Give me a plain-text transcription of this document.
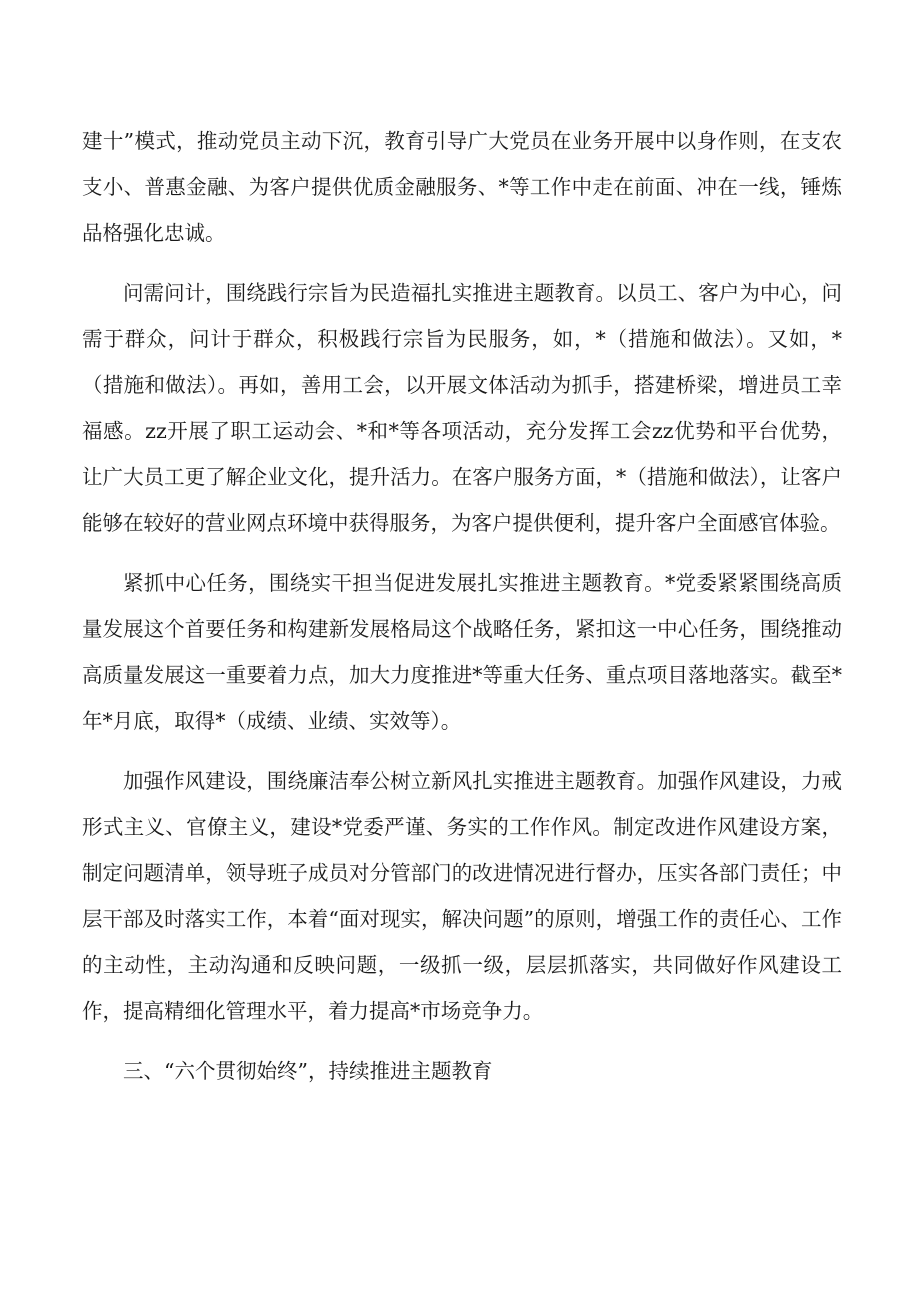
建十”模式，推动党员主动下沉，教育引导广大党员在业务开展中以身作则，在支农支小、普惠金融、为客户提供优质金融服务、*等工作中走在前面、冲在一线，锤炼品格强化忠诚。

问需问计，围绕践行宗旨为民造福扎实推进主题教育。以员工、客户为中心，问需于群众，问计于群众，积极践行宗旨为民服务，如，*（措施和做法）。又如，*（措施和做法）。再如，善用工会，以开展文体活动为抓手，搭建桥梁，增进员工幸福感。zz开展了职工运动会、*和*等各项活动，充分发挥工会zz优势和平台优势，让广大员工更了解企业文化，提升活力。在客户服务方面，*（措施和做法），让客户能够在较好的营业网点环境中获得服务，为客户提供便利，提升客户全面感官体验。

紧抓中心任务，围绕实干担当促进发展扎实推进主题教育。*党委紧紧围绕高质量发展这个首要任务和构建新发展格局这个战略任务，紧扣这一中心任务，围绕推动高质量发展这一重要着力点，加大力度推进*等重大任务、重点项目落地落实。截至*年*月底，取得*（成绩、业绩、实效等）。

加强作风建设，围绕廉洁奉公树立新风扎实推进主题教育。加强作风建设，力戒形式主义、官僚主义，建设*党委严谨、务实的工作作风。制定改进作风建设方案，制定问题清单，领导班子成员对分管部门的改进情况进行督办，压实各部门责任；中层干部及时落实工作，本着“面对现实，解决问题”的原则，增强工作的责任心、工作的主动性，主动沟通和反映问题，一级抓一级，层层抓落实，共同做好作风建设工作，提高精细化管理水平，着力提高*市场竞争力。

三、“六个贯彻始终”，持续推进主题教育
